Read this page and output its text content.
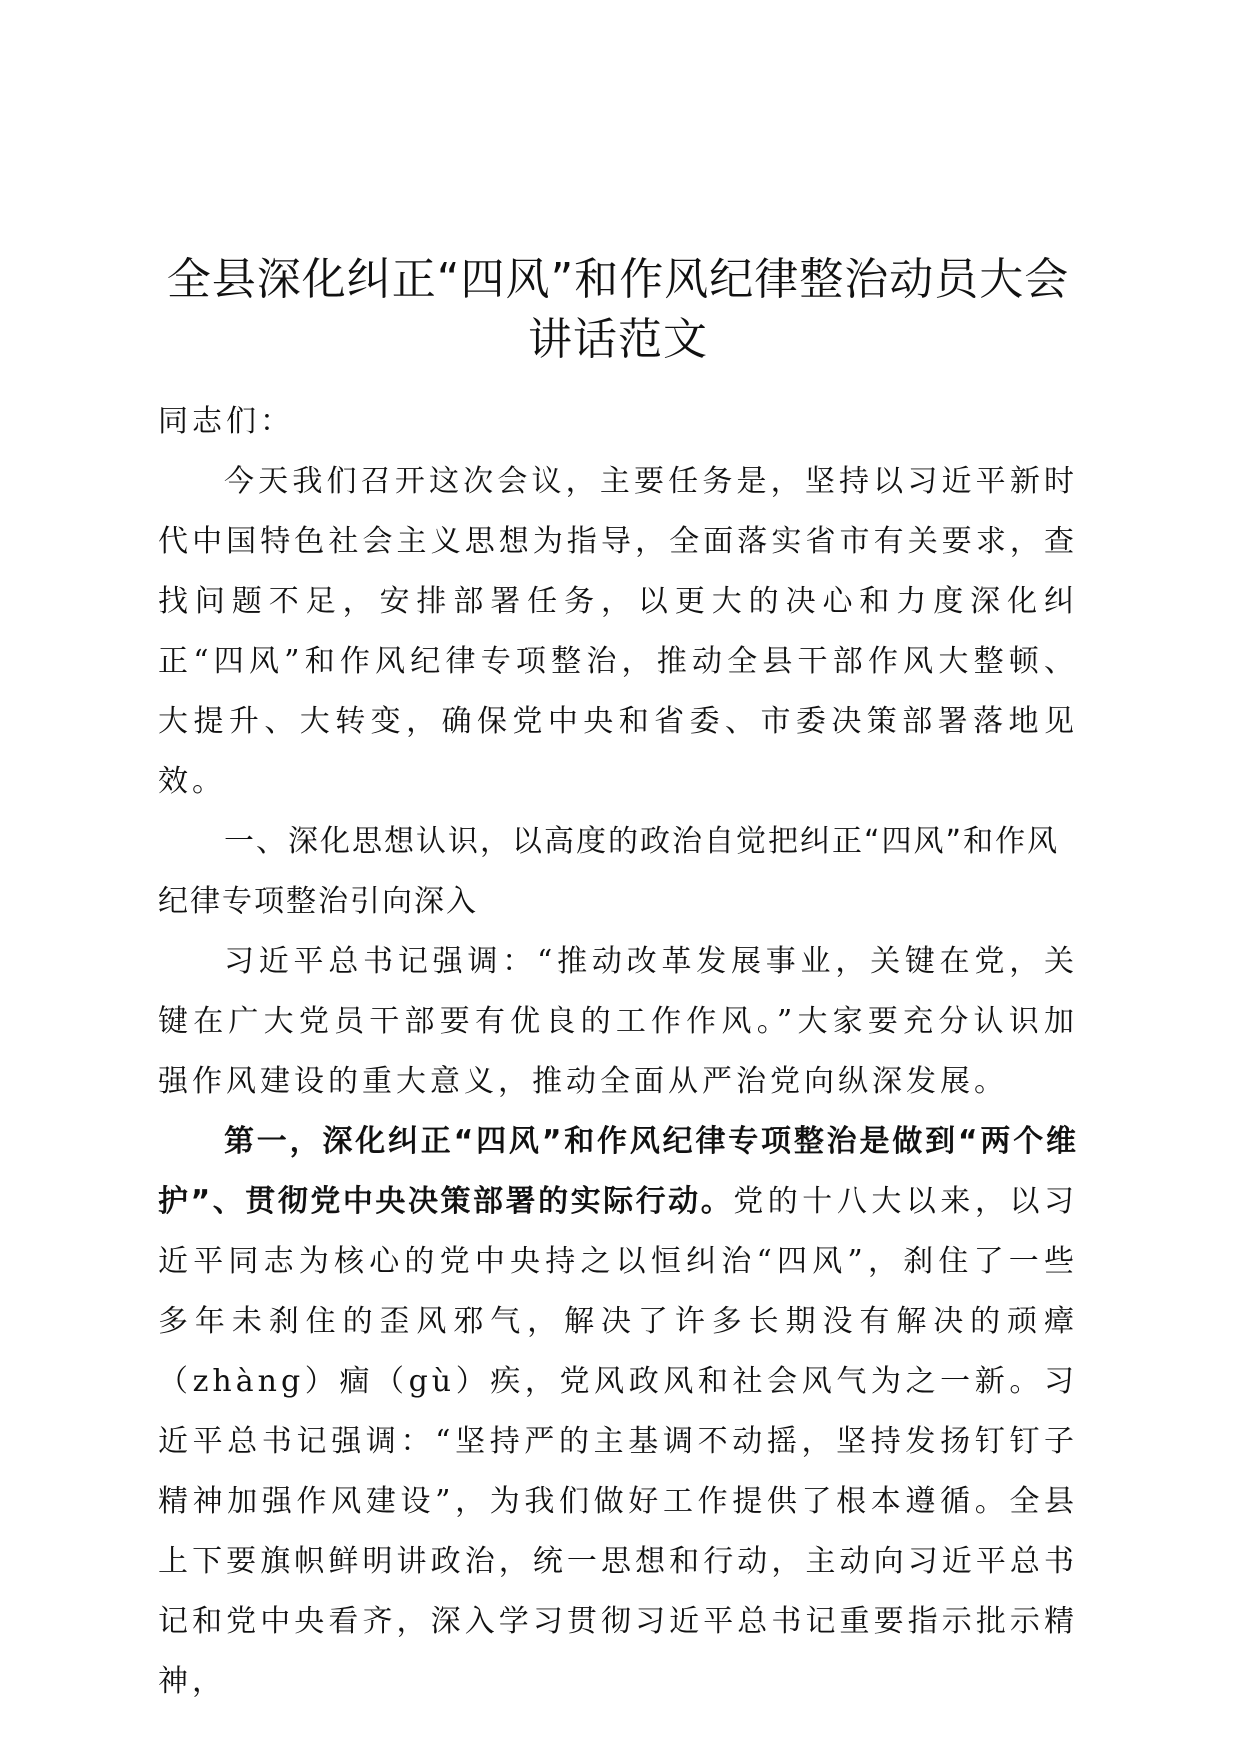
全县深化纠正“四风”和作风纪律整治动员大会讲话范文

同志们：

今天我们召开这次会议，主要任务是，坚持以习近平新时代中国特色社会主义思想为指导，全面落实省市有关要求，查找问题不足，安排部署任务，以更大的决心和力度深化纠正“四风”和作风纪律专项整治，推动全县干部作风大整顿、大提升、大转变，确保党中央和省委、市委决策部署落地见效。

一、深化思想认识，以高度的政治自觉把纠正“四风”和作风纪律专项整治引向深入

习近平总书记强调：“推动改革发展事业，关键在党，关键在广大党员干部要有优良的工作作风。”大家要充分认识加强作风建设的重大意义，推动全面从严治党向纵深发展。

第一，深化纠正“四风”和作风纪律专项整治是做到“两个维护”、贯彻党中央决策部署的实际行动。党的十八大以来，以习近平同志为核心的党中央持之以恒纠治“四风”，刹住了一些多年未刹住的歪风邪气，解决了许多长期没有解决的顽瘴（zhàng）痼（gù）疾，党风政风和社会风气为之一新。习近平总书记强调：“坚持严的主基调不动摇，坚持发扬钉钉子精神加强作风建设”，为我们做好工作提供了根本遵循。全县上下要旗帜鲜明讲政治，统一思想和行动，主动向习近平总书记和党中央看齐，深入学习贯彻习近平总书记重要指示批示精神，
